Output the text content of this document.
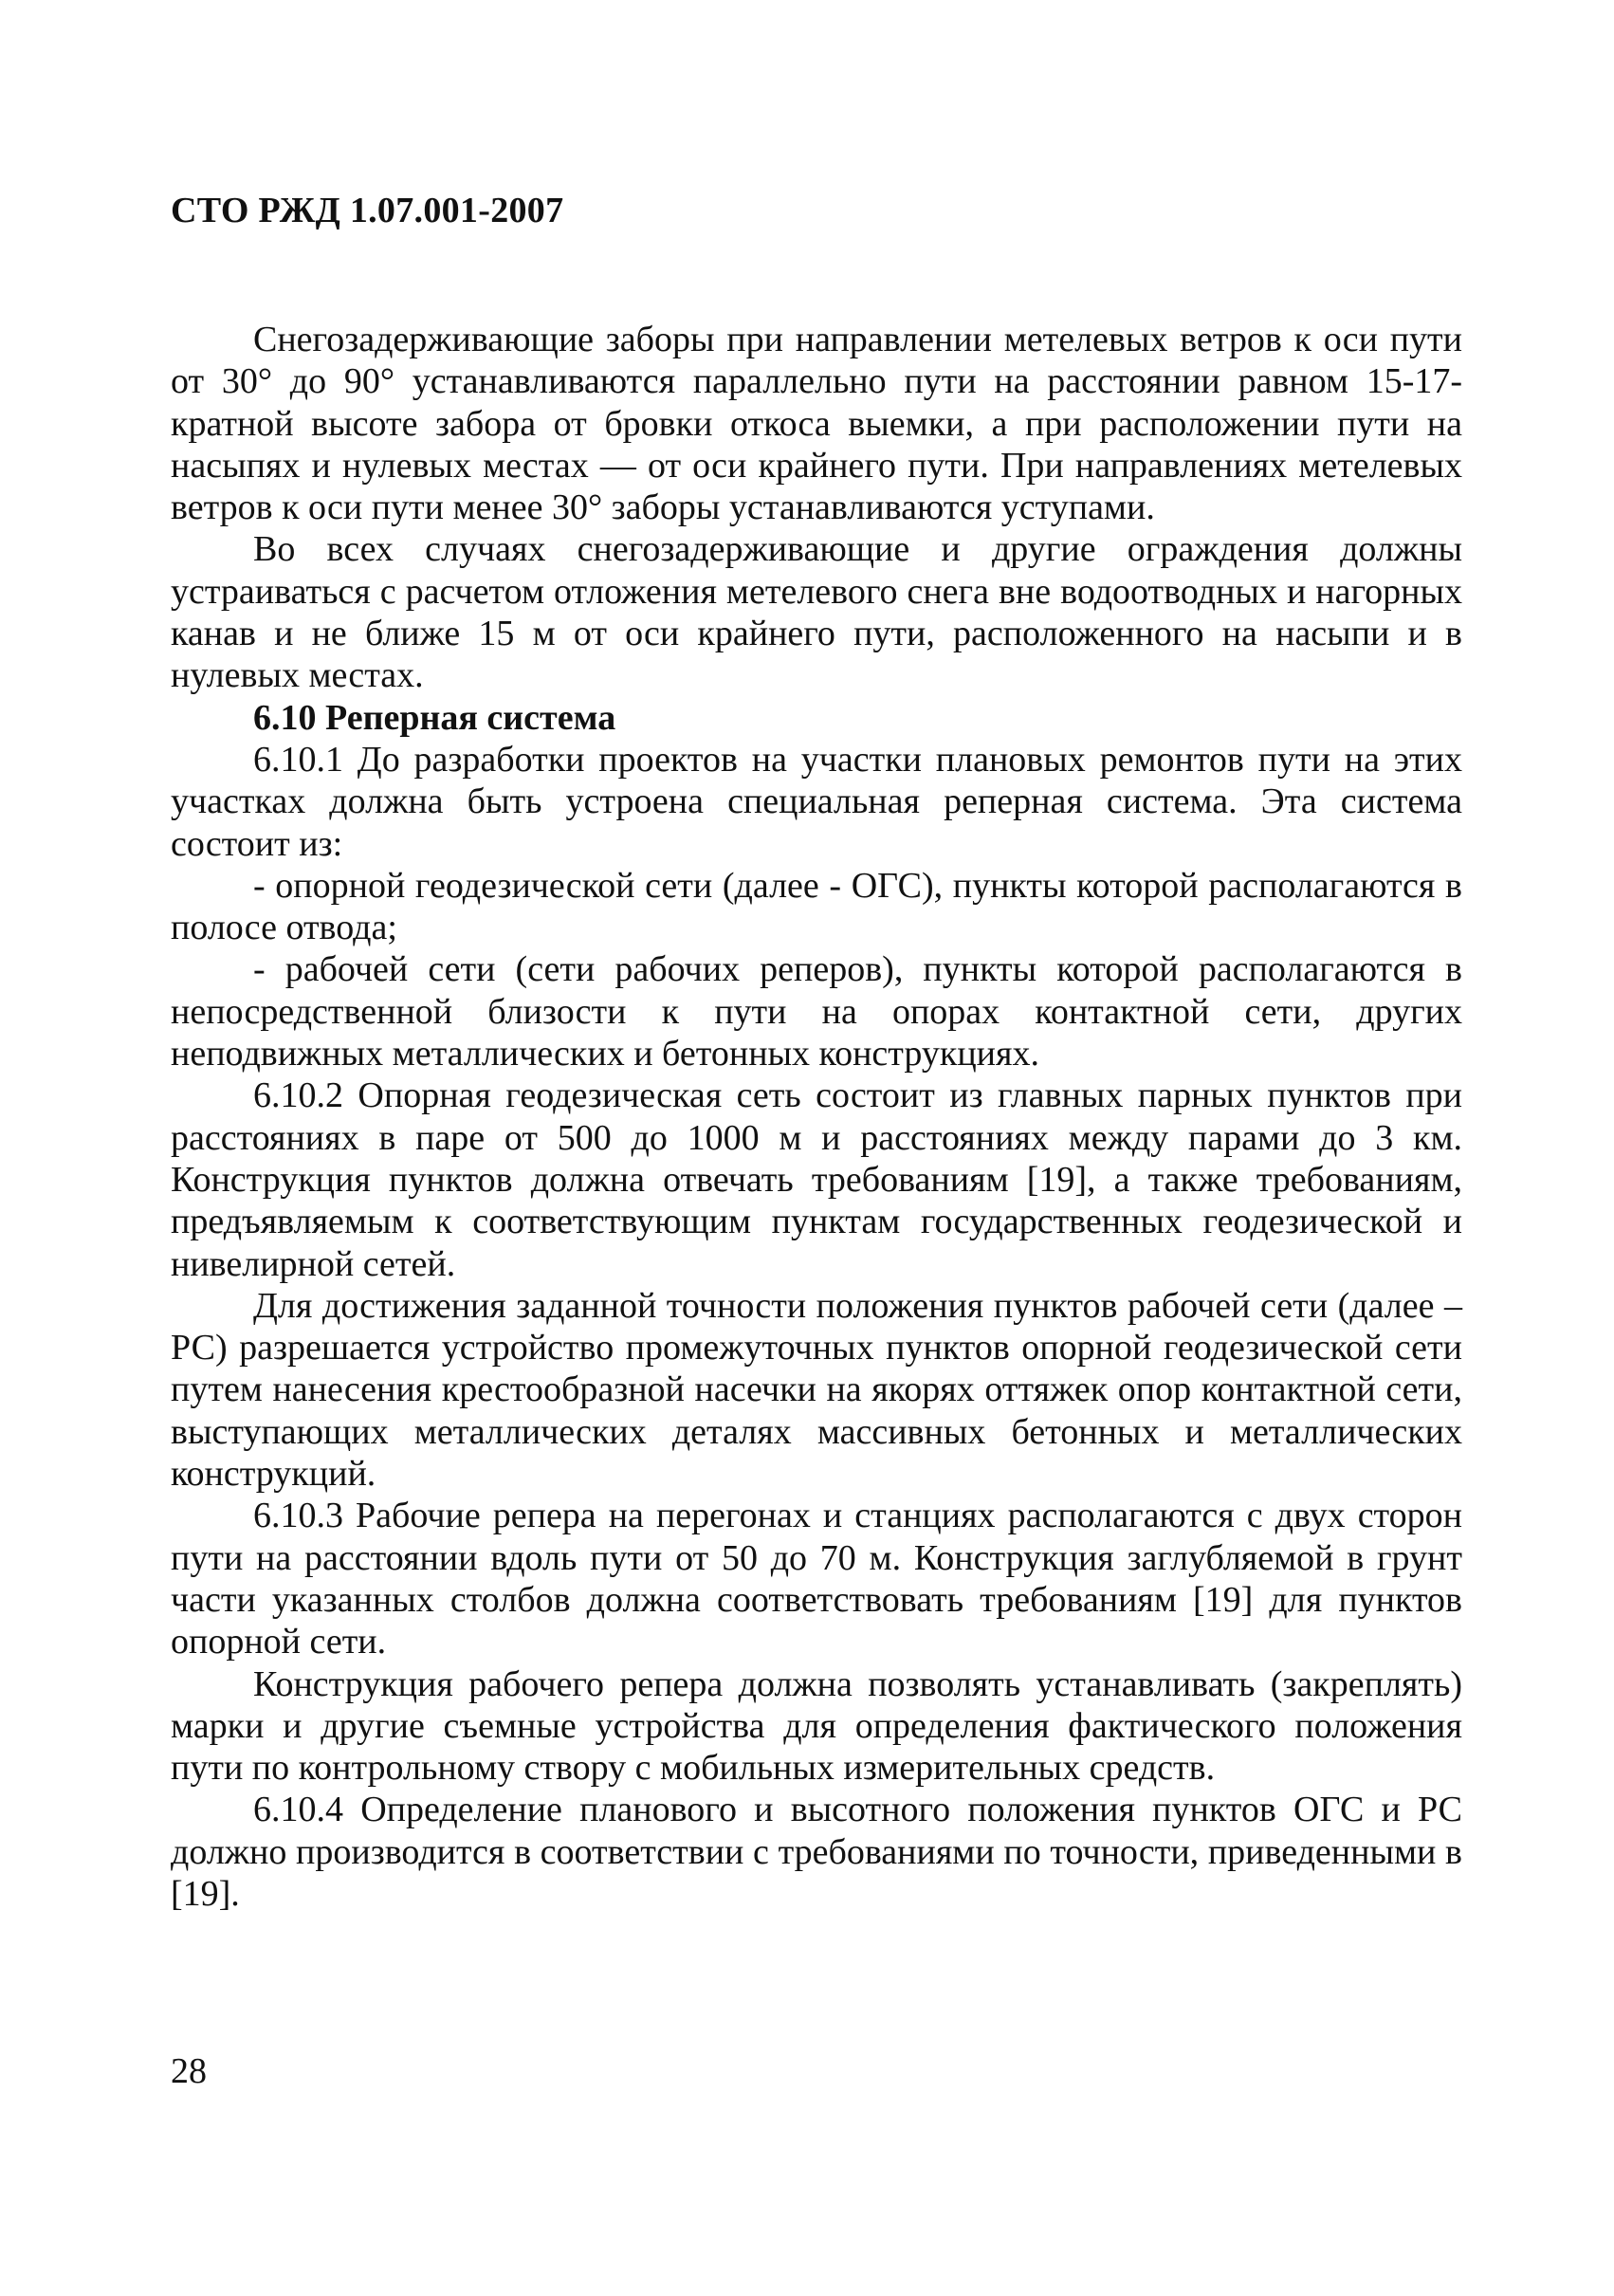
СТО РЖД 1.07.001-2007

Снегозадерживающие заборы при направлении метелевых ветров к оси пути от 30° до 90° устанавливаются параллельно пути на расстоянии равном 15-17-кратной высоте забора от бровки откоса выемки, а при расположении пути на насыпях и нулевых местах — от оси крайнего пути. При направлениях метелевых ветров к оси пути менее 30° заборы устанавливаются уступами.

Во всех случаях снегозадерживающие и другие ограждения должны устраиваться с расчетом отложения метелевого снега вне водоотводных и нагорных канав и не ближе 15 м от оси крайнего пути, расположенного на насыпи и в нулевых местах.

6.10 Реперная система

6.10.1 До разработки проектов на участки плановых ремонтов пути на этих участках должна быть устроена специальная реперная система. Эта система состоит из:

- опорной геодезической сети (далее - ОГС), пункты которой располагаются в полосе отвода;

- рабочей сети (сети рабочих реперов), пункты которой располагаются в непосредственной близости к пути на опорах контактной сети, других неподвижных металлических и бетонных конструкциях.

6.10.2 Опорная геодезическая сеть состоит из главных парных пунктов при расстояниях в паре от 500 до 1000 м и расстояниях между парами до 3 км. Конструкция пунктов должна отвечать требованиям [19], а также требованиям, предъявляемым к соответствующим пунктам государственных геодезической и нивелирной сетей.

Для достижения заданной точности положения пунктов рабочей сети (далее – РС) разрешается устройство промежуточных пунктов опорной геодезической сети путем нанесения крестообразной насечки на якорях оттяжек опор контактной сети, выступающих металлических деталях массивных бетонных и металлических конструкций.

6.10.3 Рабочие репера на перегонах и станциях располагаются с двух сторон пути на расстоянии вдоль пути от 50 до 70 м. Конструкция заглубляемой в грунт части указанных столбов должна соответствовать требованиям [19] для пунктов опорной сети.

Конструкция рабочего репера должна позволять устанавливать (закреплять) марки и другие съемные устройства для определения фактического положения пути по контрольному створу с мобильных измерительных средств.

6.10.4 Определение планового и высотного положения пунктов ОГС и РС должно производится в соответствии с требованиями по точности, приведенными в [19].

28
